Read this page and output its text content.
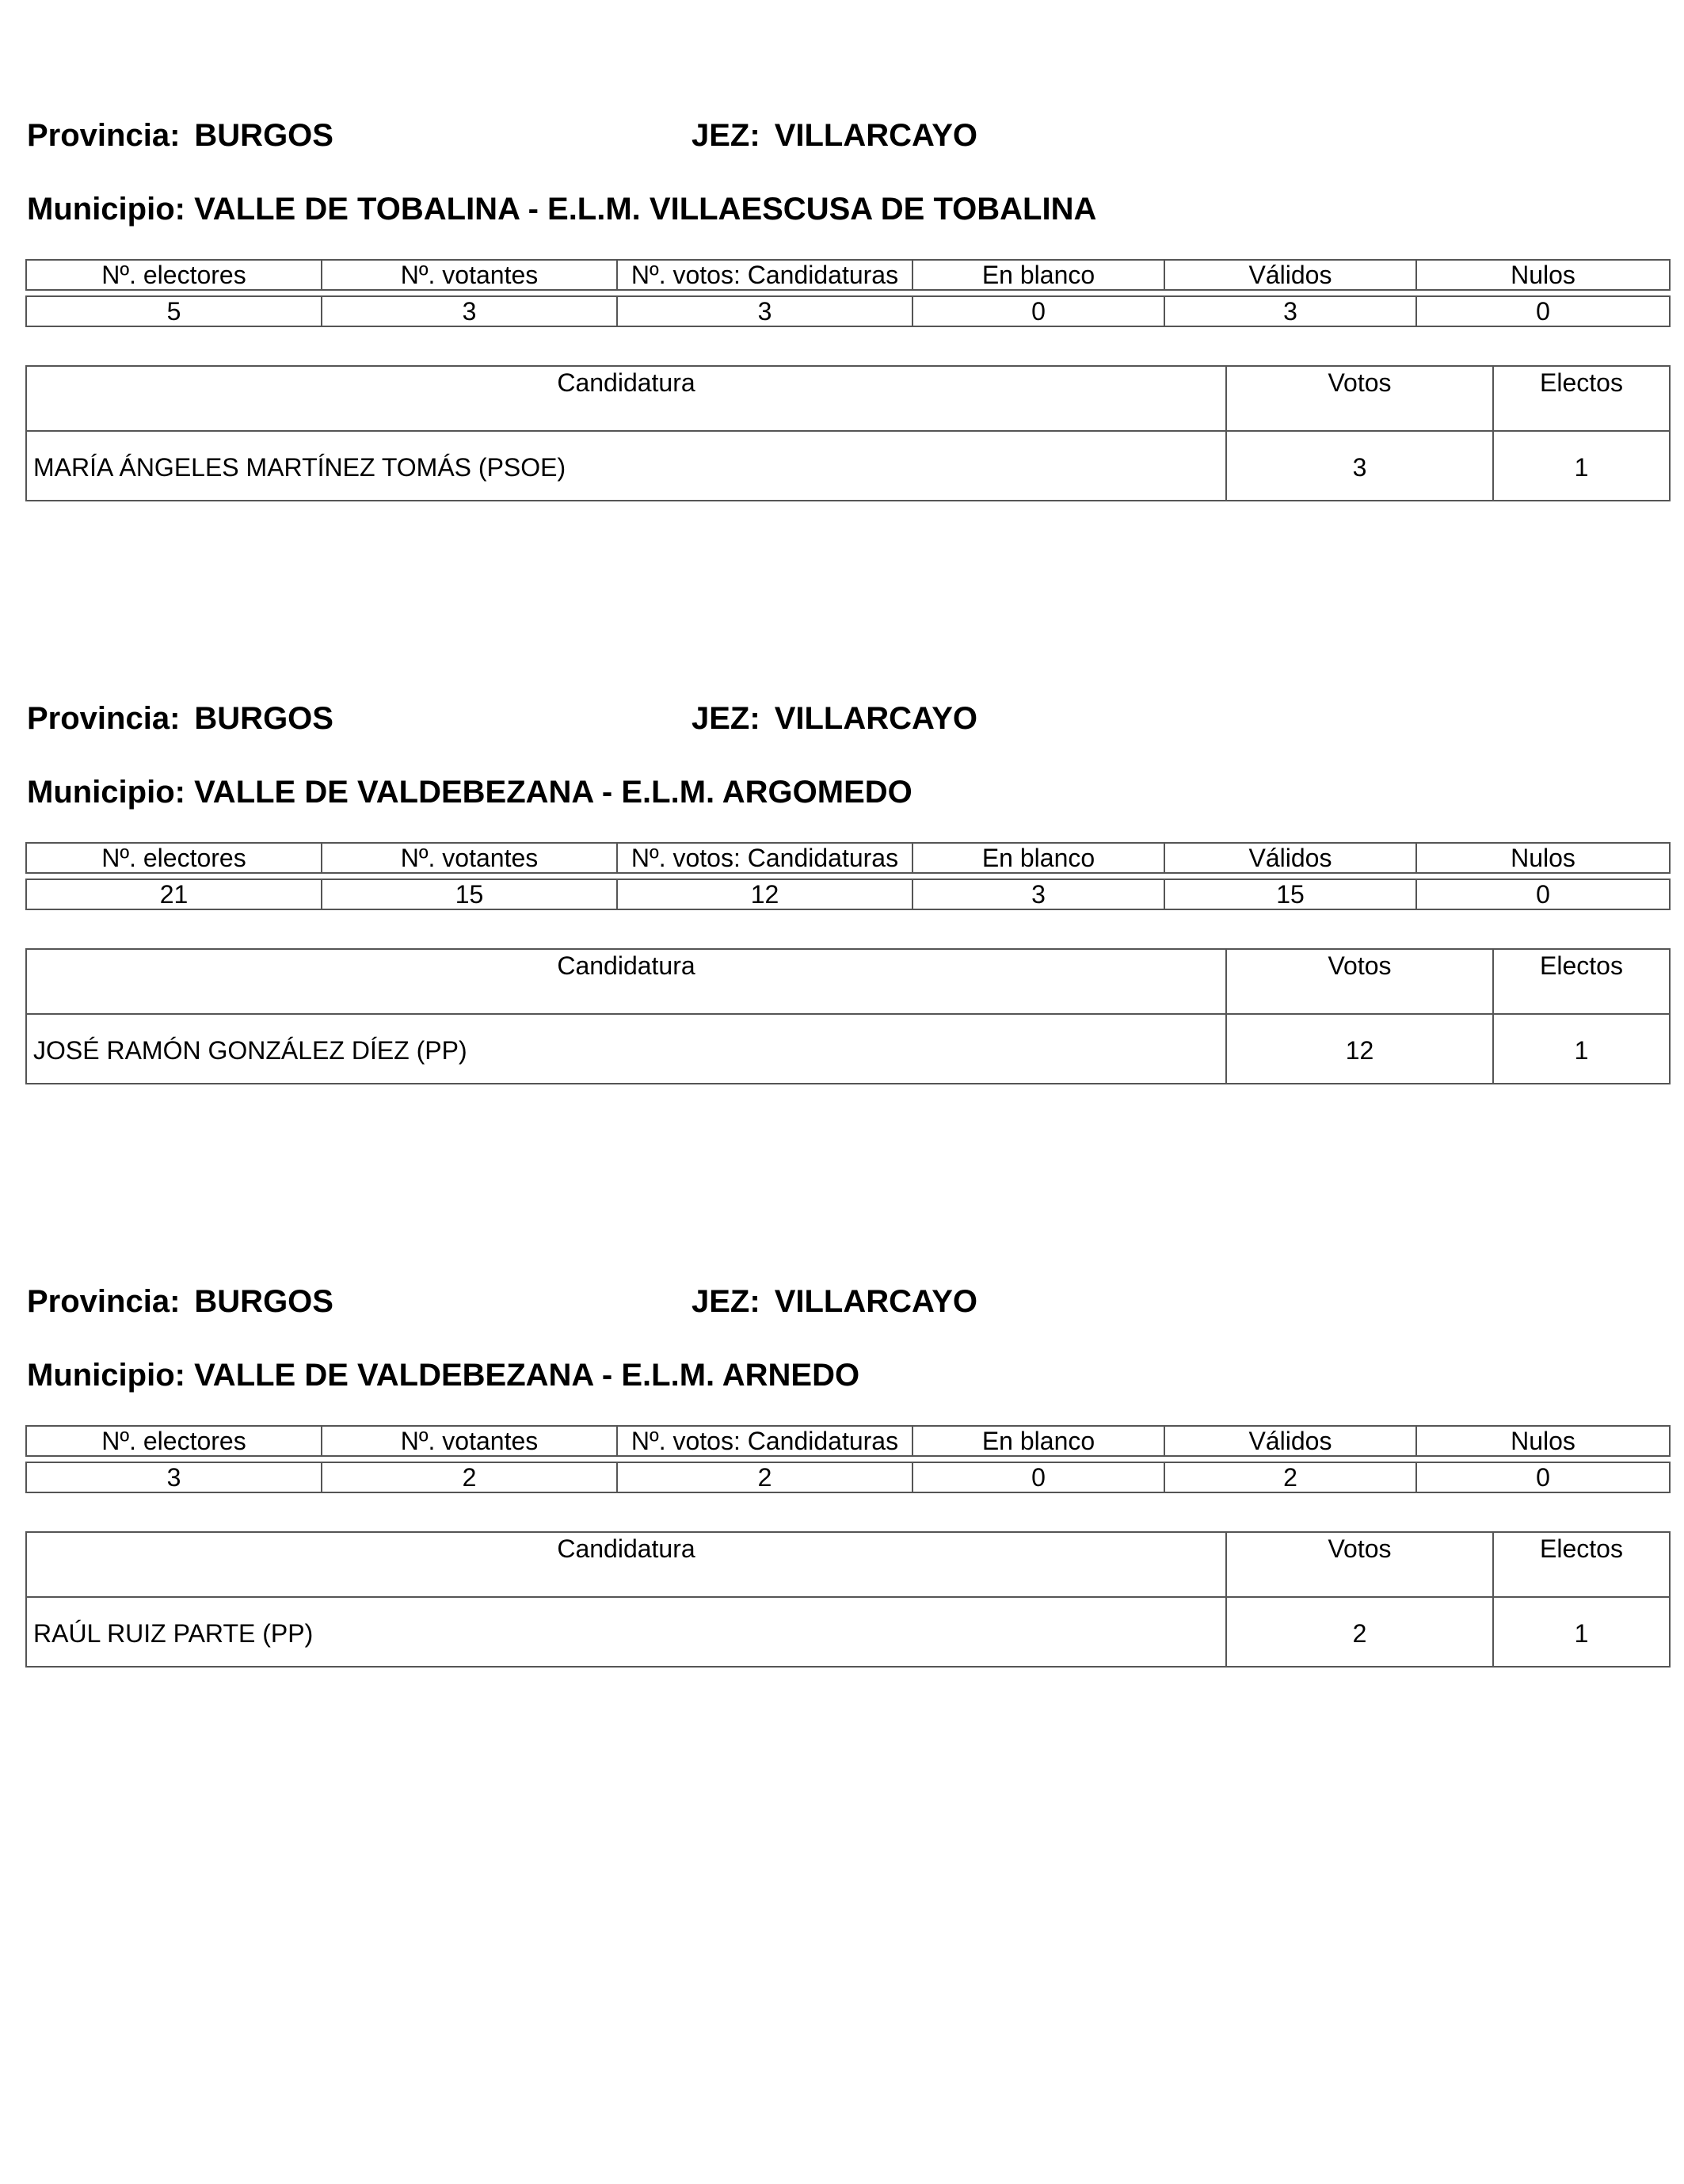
Provincia: BURGOS	JEZ: VILLARCAYO
Municipio: VALLE DE TOBALINA - E.L.M. VILLAESCUSA DE TOBALINA
Nº. electores	Nº. votantes	Nº. votos: Candidaturas	En blanco	Válidos	Nulos

5	3	3	0	3	0
Candidatura	Votos	Electos
MARÍA ÁNGELES MARTÍNEZ TOMÁS (PSOE)	3	1
Provincia: BURGOS	JEZ: VILLARCAYO
Municipio: VALLE DE VALDEBEZANA - E.L.M. ARGOMEDO
Nº. electores	Nº. votantes	Nº. votos: Candidaturas	En blanco	Válidos	Nulos

21	15	12	3	15	0
Candidatura	Votos	Electos
JOSÉ RAMÓN GONZÁLEZ DÍEZ (PP)	12	1
Provincia: BURGOS	JEZ: VILLARCAYO
Municipio: VALLE DE VALDEBEZANA - E.L.M. ARNEDO
Nº. electores	Nº. votantes	Nº. votos: Candidaturas	En blanco	Válidos	Nulos

3	2	2	0	2	0
Candidatura	Votos	Electos
RAÚL RUIZ PARTE (PP)	2	1
